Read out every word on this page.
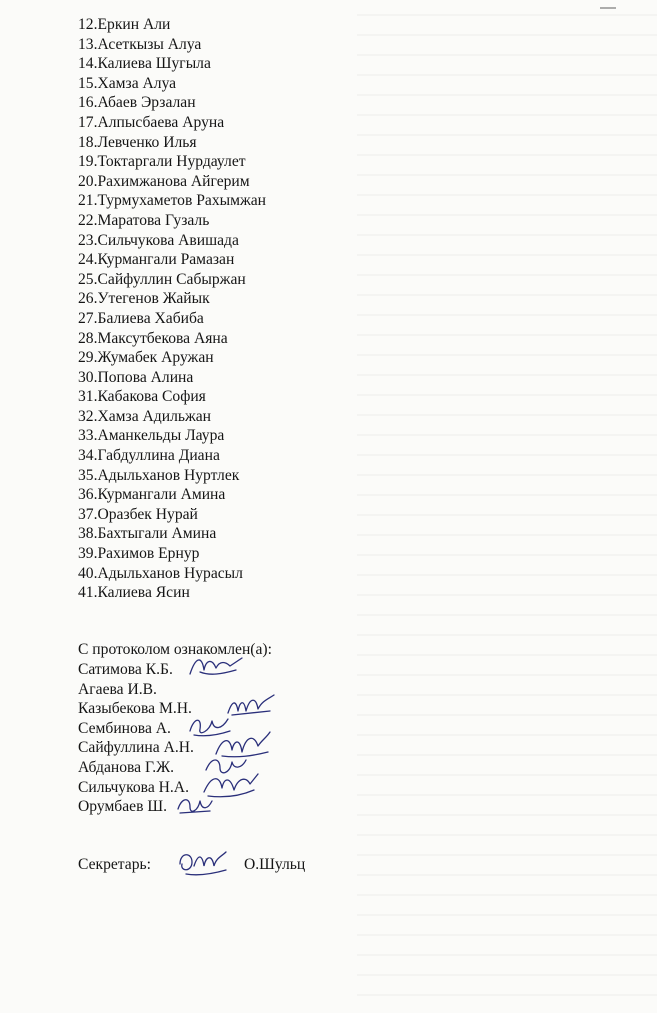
12.Еркин Али
13.Асеткызы Алуа
14.Калиева Шугыла
15.Хамза Алуа
16.Абаев Эрзалан
17.Алпысбаева Аруна
18.Левченко Илья
19.Токтаргали Нурдаулет
20.Рахимжанова Айгерим
21.Турмухаметов Рахымжан
22.Маратова Гузаль
23.Сильчукова Авишада
24.Курмангали Рамазан
25.Сайфуллин Сабыржан
26.Утегенов Жайык
27.Балиева Хабиба
28.Максутбекова Аяна
29.Жумабек Аружан
30.Попова Алина
31.Кабакова София
32.Хамза Адильжан
33.Аманкельды Лаура
34.Габдуллина Диана
35.Адыльханов Нуртлек
36.Курмангали Амина
37.Оразбек Нурай
38.Бахтыгали Амина
39.Рахимов Ернур
40.Адыльханов Нурасыл
41.Калиева Ясин
С протоколом ознакомлен(а):
Сатимова К.Б.
Агаева И.В.
Казыбекова М.Н.
Сембинова А.
Сайфуллина А.Н.
Абданова Г.Ж.
Сильчукова Н.А.
Орумбаев Ш.
Секретарь:	О.Шульц
